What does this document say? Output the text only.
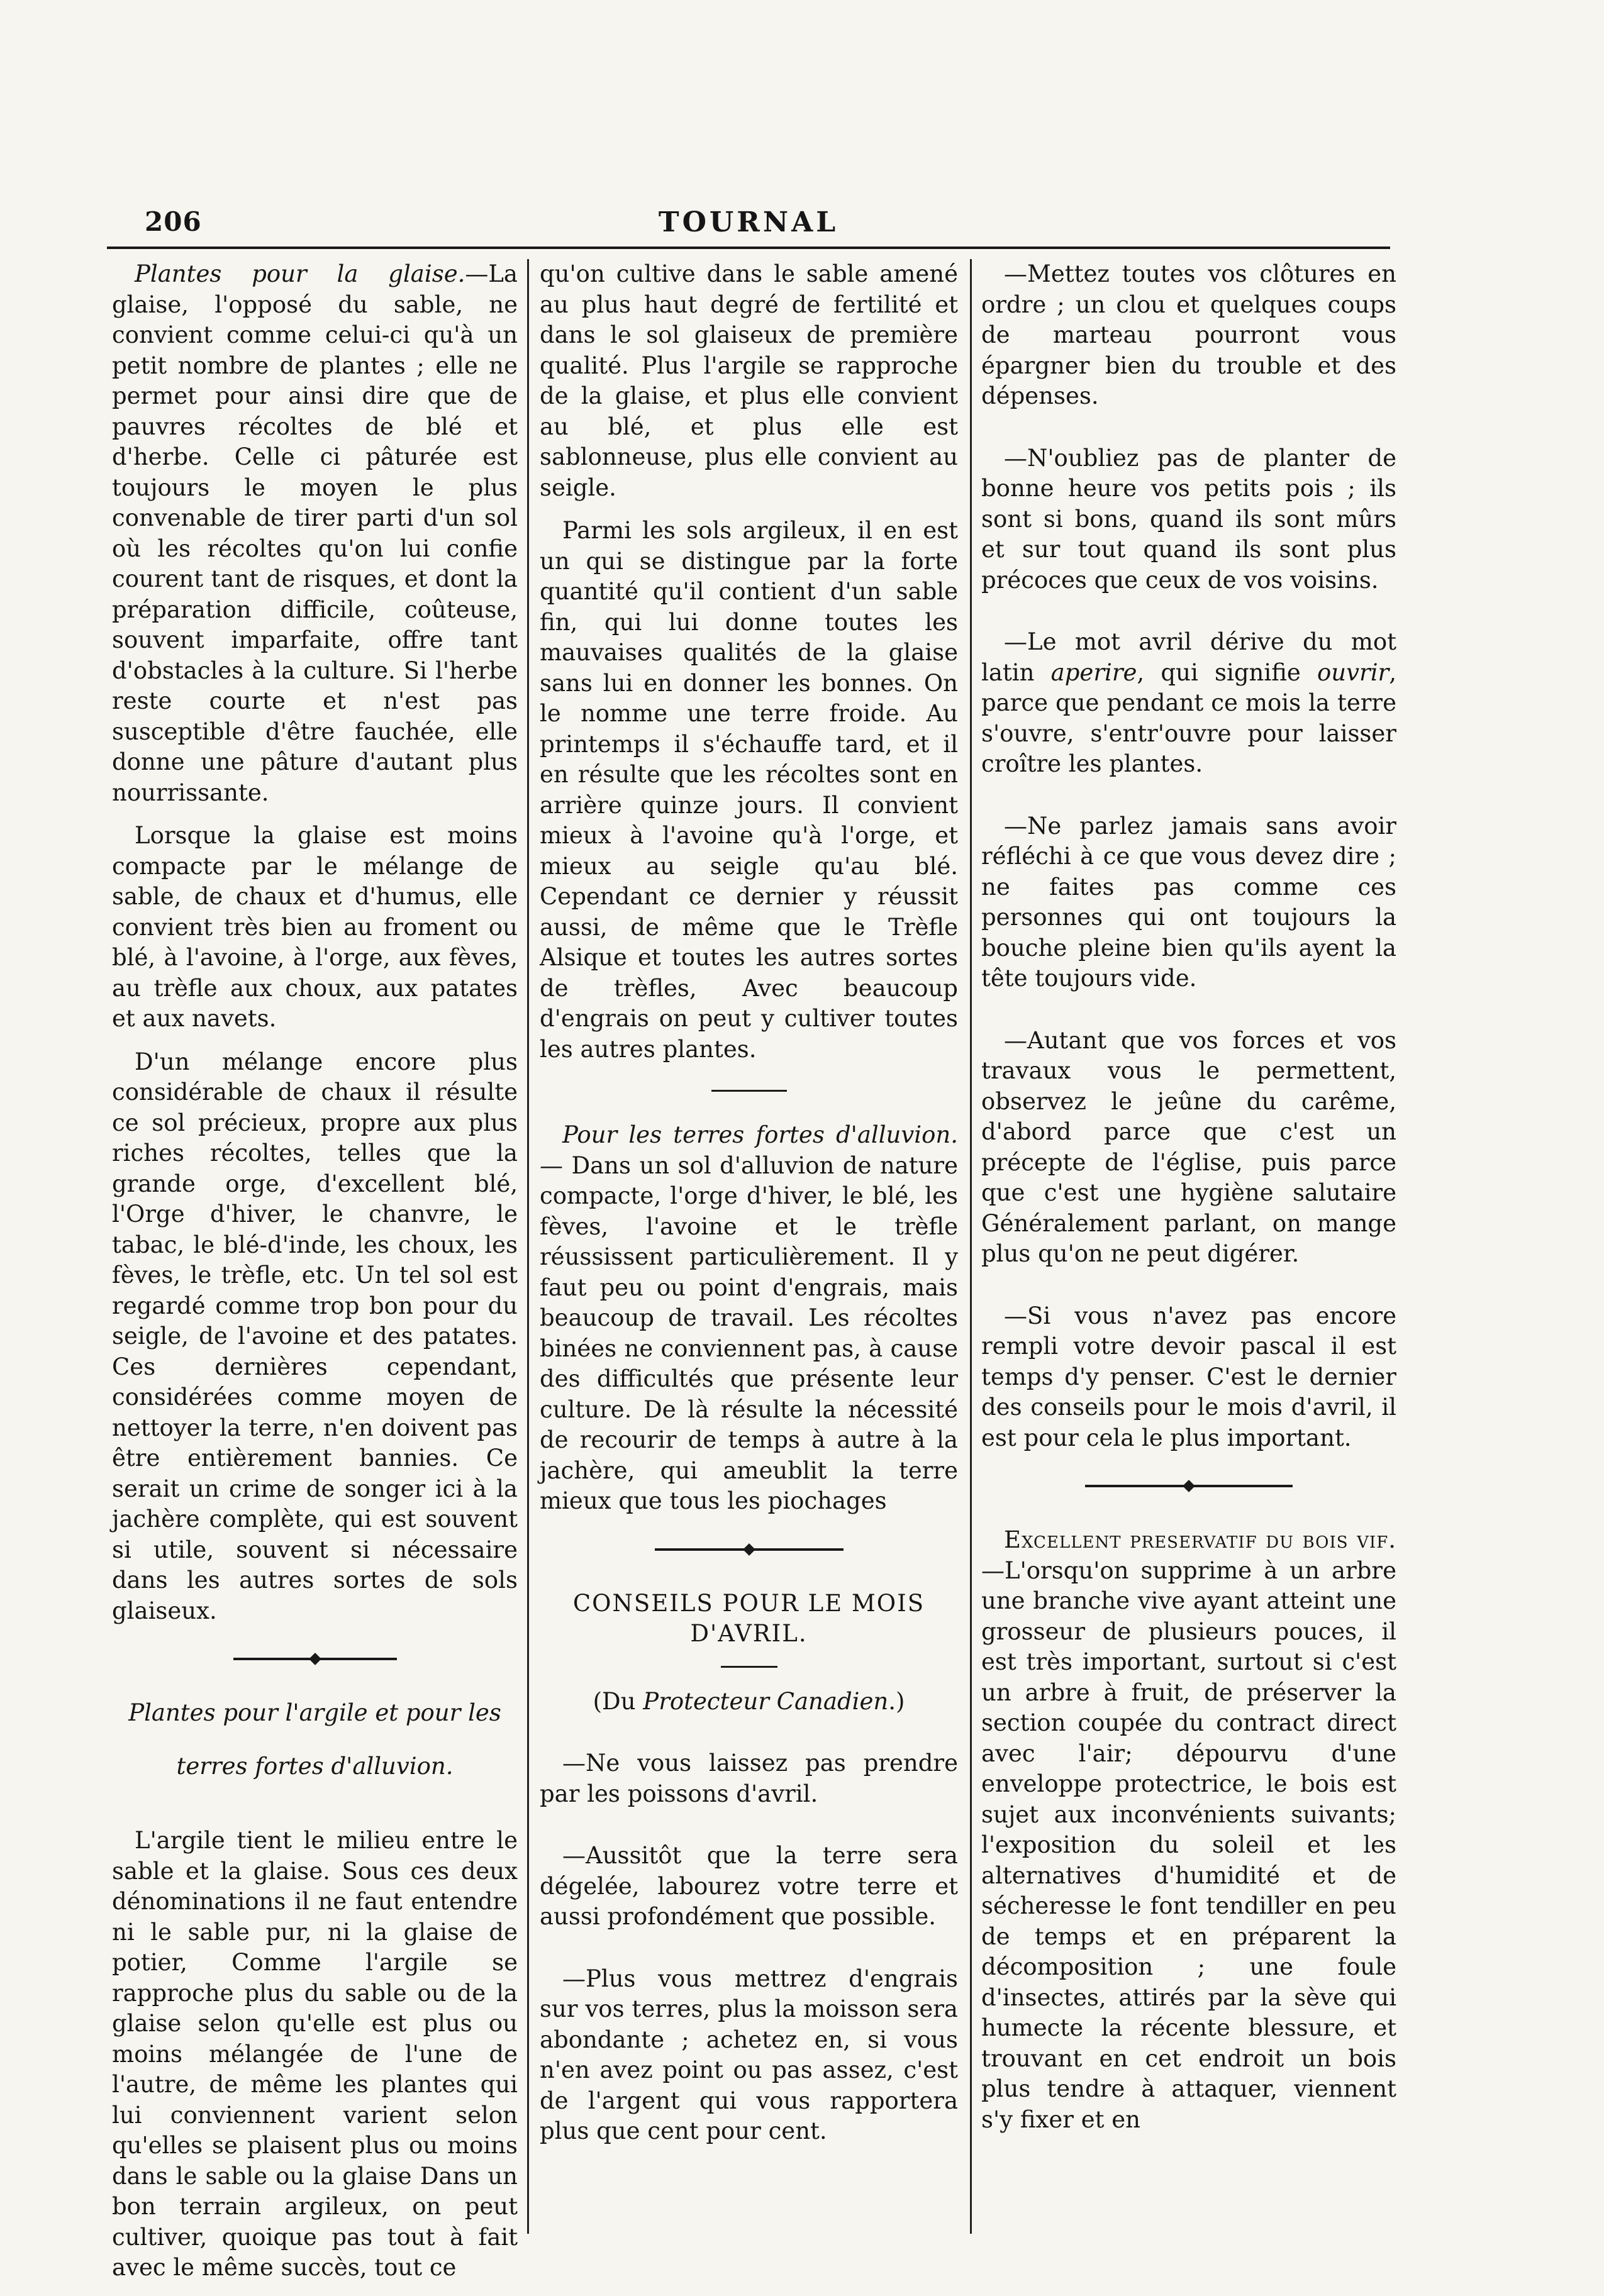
206	TOURNAL

Plantes pour la glaise.—La glaise, l'opposé du sable, ne convient comme celui-ci qu'à un petit nombre de plantes ; elle ne permet pour ainsi dire que de pauvres récoltes de blé et d'herbe. Celle ci pâturée est toujours le moyen le plus convenable de tirer parti d'un sol où les récoltes qu'on lui confie courent tant de risques, et dont la préparation difficile, coûteuse, souvent imparfaite, offre tant d'obstacles à la culture. Si l'herbe reste courte et n'est pas susceptible d'être fauchée, elle donne une pâture d'autant plus nourrissante.

Lorsque la glaise est moins compacte par le mélange de sable, de chaux et d'humus, elle convient très bien au froment ou blé, à l'avoine, à l'orge, aux fèves, au trèfle aux choux, aux patates et aux navets.

D'un mélange encore plus considérable de chaux il résulte ce sol précieux, propre aux plus riches récoltes, telles que la grande orge, d'excellent blé, l'Orge d'hiver, le chanvre, le tabac, le blé-d'inde, les choux, les fèves, le trèfle, etc. Un tel sol est regardé comme trop bon pour du seigle, de l'avoine et des patates. Ces dernières cependant, considérées comme moyen de nettoyer la terre, n'en doivent pas être entièrement bannies. Ce serait un crime de songer ici à la jachère complète, qui est souvent si utile, souvent si nécessaire dans les autres sortes de sols glaiseux.

Plantes pour l'argile et pour les

terres fortes d'alluvion.

L'argile tient le milieu entre le sable et la glaise. Sous ces deux dénominations il ne faut entendre ni le sable pur, ni la glaise de potier, Comme l'argile se rapproche plus du sable ou de la glaise selon qu'elle est plus ou moins mélangée de l'une de l'autre, de même les plantes qui lui conviennent varient selon qu'elles se plaisent plus ou moins dans le sable ou la glaise Dans un bon terrain argileux, on peut cultiver, quoique pas tout à fait avec le même succès, tout ce

qu'on cultive dans le sable amené au plus haut degré de fertilité et dans le sol glaiseux de première qualité. Plus l'argile se rapproche de la glaise, et plus elle convient au blé, et plus elle est sablonneuse, plus elle convient au seigle.

Parmi les sols argileux, il en est un qui se distingue par la forte quantité qu'il contient d'un sable fin, qui lui donne toutes les mauvaises qualités de la glaise sans lui en donner les bonnes. On le nomme une terre froide. Au printemps il s'échauffe tard, et il en résulte que les récoltes sont en arrière quinze jours. Il convient mieux à l'avoine qu'à l'orge, et mieux au seigle qu'au blé. Cependant ce dernier y réussit aussi, de même que le Trèfle Alsique et toutes les autres sortes de trèfles, Avec beaucoup d'engrais on peut y cultiver toutes les autres plantes.

Pour les terres fortes d'alluvion.— Dans un sol d'alluvion de nature compacte, l'orge d'hiver, le blé, les fèves, l'avoine et le trèfle réussissent particulièrement. Il y faut peu ou point d'engrais, mais beaucoup de travail. Les récoltes binées ne conviennent pas, à cause des difficultés que présente leur culture. De là résulte la nécessité de recourir de temps à autre à la jachère, qui ameublit la terre mieux que tous les piochages

CONSEILS POUR LE MOIS D'AVRIL.

(Du Protecteur Canadien.)

—Ne vous laissez pas prendre par les poissons d'avril.

—Aussitôt que la terre sera dégelée, labourez votre terre et aussi profondément que possible.

—Plus vous mettrez d'engrais sur vos terres, plus la moisson sera abondante ; achetez en, si vous n'en avez point ou pas assez, c'est de l'argent qui vous rapportera plus que cent pour cent.

—Mettez toutes vos clôtures en ordre ; un clou et quelques coups de marteau pourront vous épargner bien du trouble et des dépenses.

—N'oubliez pas de planter de bonne heure vos petits pois ; ils sont si bons, quand ils sont mûrs et sur tout quand ils sont plus précoces que ceux de vos voisins.

—Le mot avril dérive du mot latin aperire, qui signifie ouvrir, parce que pendant ce mois la terre s'ouvre, s'entr'ouvre pour laisser croître les plantes.

—Ne parlez jamais sans avoir réfléchi à ce que vous devez dire ; ne faites pas comme ces personnes qui ont toujours la bouche pleine bien qu'ils ayent la tête toujours vide.

—Autant que vos forces et vos travaux vous le permettent, observez le jeûne du carême, d'abord parce que c'est un précepte de l'église, puis parce que c'est une hygiène salutaire Généralement parlant, on mange plus qu'on ne peut digérer.

—Si vous n'avez pas encore rempli votre devoir pascal il est temps d'y penser. C'est le dernier des conseils pour le mois d'avril, il est pour cela le plus important.

Excellent preservatif du bois vif.—L'orsqu'on supprime à un arbre une branche vive ayant atteint une grosseur de plusieurs pouces, il est très important, surtout si c'est un arbre à fruit, de préserver la section coupée du contract direct avec l'air; dépourvu d'une enveloppe protectrice, le bois est sujet aux inconvénients suivants; l'exposition du soleil et les alternatives d'humidité et de sécheresse le font tendiller en peu de temps et en préparent la décomposition ; une foule d'insectes, attirés par la sève qui humecte la récente blessure, et trouvant en cet endroit un bois plus tendre à attaquer, viennent s'y fixer et en
